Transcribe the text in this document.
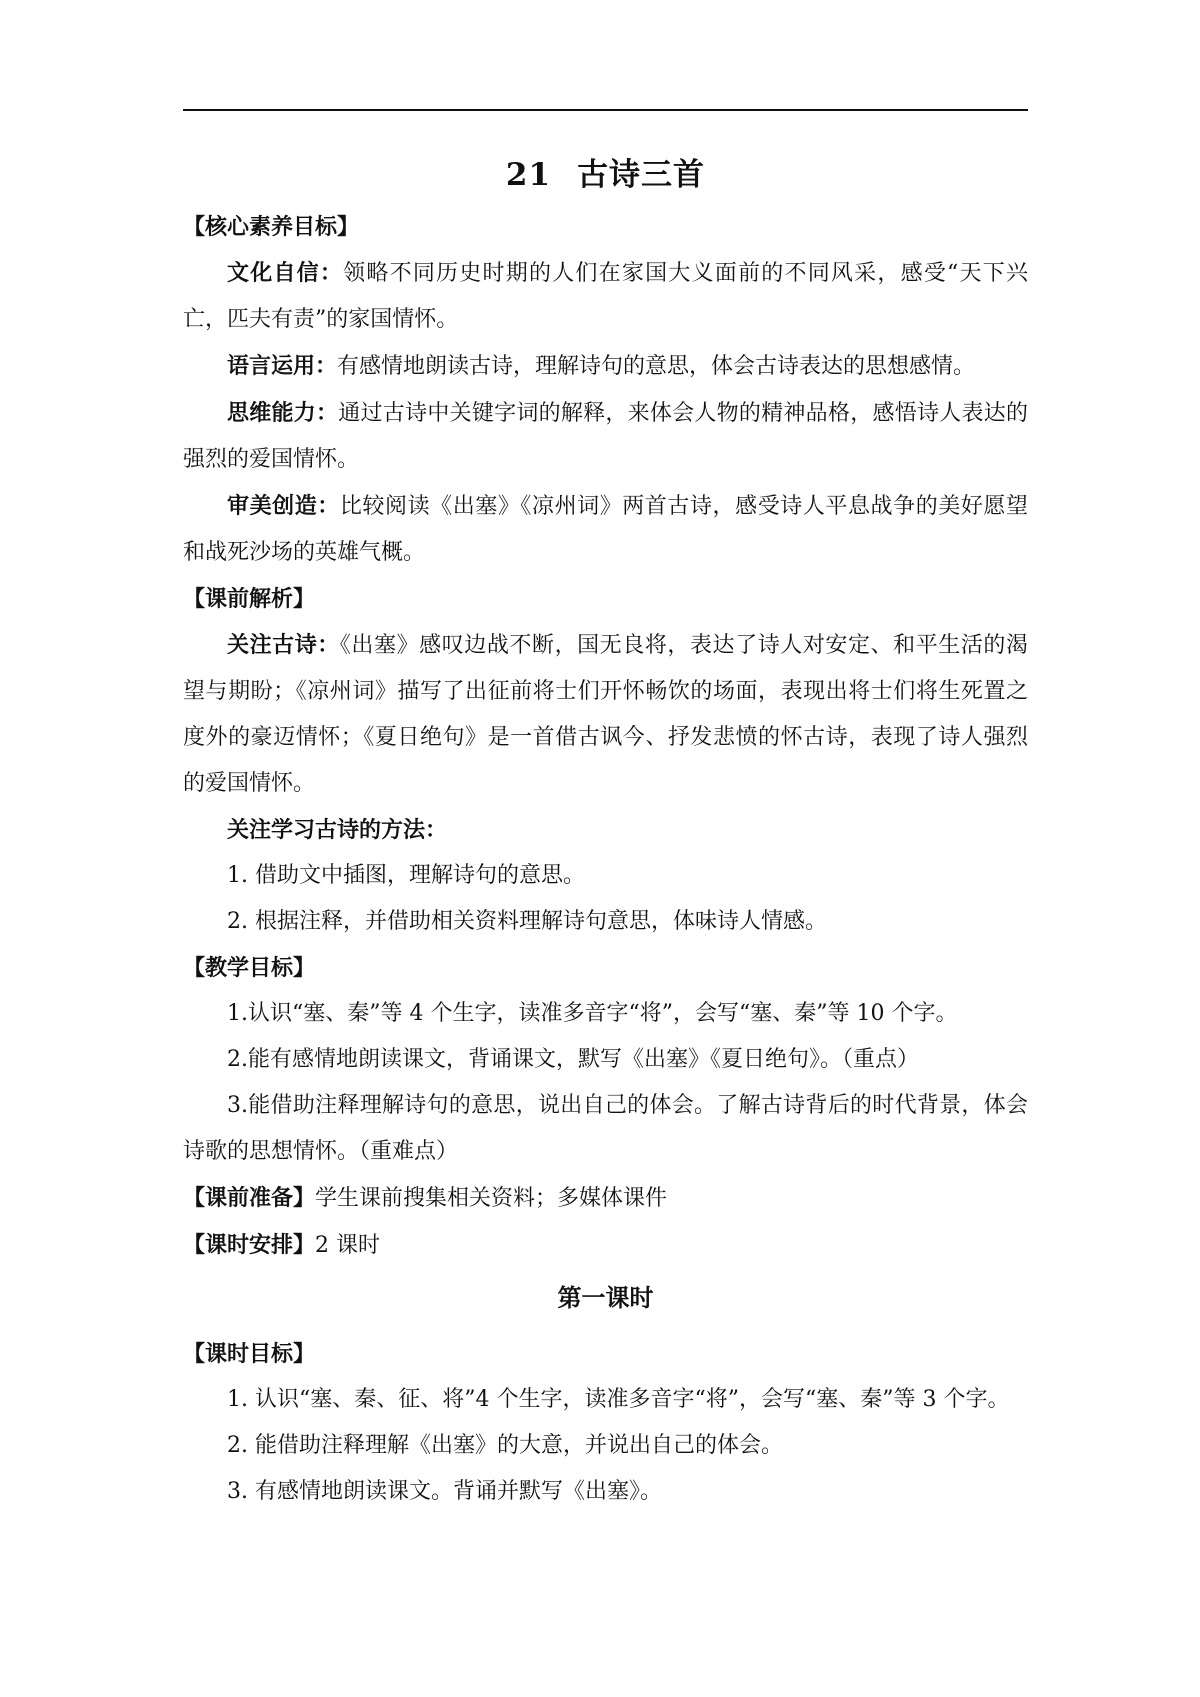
21 古诗三首

【核心素养目标】

文化自信：领略不同历史时期的人们在家国大义面前的不同风采，感受“天下兴亡，匹夫有责”的家国情怀。

语言运用：有感情地朗读古诗，理解诗句的意思，体会古诗表达的思想感情。

思维能力：通过古诗中关键字词的解释，来体会人物的精神品格，感悟诗人表达的强烈的爱国情怀。

审美创造：比较阅读《出塞》《凉州词》两首古诗，感受诗人平息战争的美好愿望和战死沙场的英雄气概。

【课前解析】

关注古诗：《出塞》感叹边战不断，国无良将，表达了诗人对安定、和平生活的渴望与期盼；《凉州词》描写了出征前将士们开怀畅饮的场面，表现出将士们将生死置之度外的豪迈情怀；《夏日绝句》是一首借古讽今、抒发悲愤的怀古诗，表现了诗人强烈的爱国情怀。

关注学习古诗的方法：

1. 借助文中插图，理解诗句的意思。

2. 根据注释，并借助相关资料理解诗句意思，体味诗人情感。

【教学目标】

1.认识“塞、秦”等 4 个生字，读准多音字“将”，会写“塞、秦”等 10 个字。

2.能有感情地朗读课文，背诵课文，默写《出塞》《夏日绝句》。（重点）

3.能借助注释理解诗句的意思，说出自己的体会。了解古诗背后的时代背景，体会诗歌的思想情怀。（重难点）

【课前准备】学生课前搜集相关资料；多媒体课件

【课时安排】2 课时

第一课时

【课时目标】

1. 认识“塞、秦、征、将”4 个生字，读准多音字“将”，会写“塞、秦”等 3 个字。

2. 能借助注释理解《出塞》的大意，并说出自己的体会。

3. 有感情地朗读课文。背诵并默写《出塞》。
